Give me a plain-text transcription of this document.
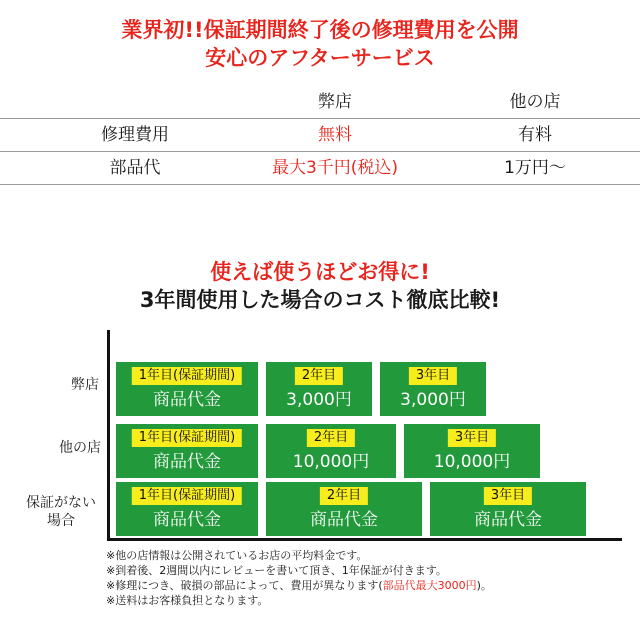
業界初!!保証期間終了後の修理費用を公開
安心のアフターサービス
弊店	他の店
修理費用	無料	有料
部品代	最大3千円(税込)	1万円〜
使えば使うほどお得に!
3年間使用した場合のコスト徹底比較!
弊店
1年目(保証期間)
商品代金
2年目
3,000円
3年目
3,000円
他の店
1年目(保証期間)
商品代金
2年目
10,000円
3年目
10,000円
保証がない
場合
1年目(保証期間)
商品代金
2年目
商品代金
3年目
商品代金
※他の店情報は公開されているお店の平均料金です。
※到着後、2週間以内にレビューを書いて頂き、1年保証が付きます。
※修理につき、破損の部品によって、費用が異なります(部品代最大3000円)。
※送料はお客様負担となります。
